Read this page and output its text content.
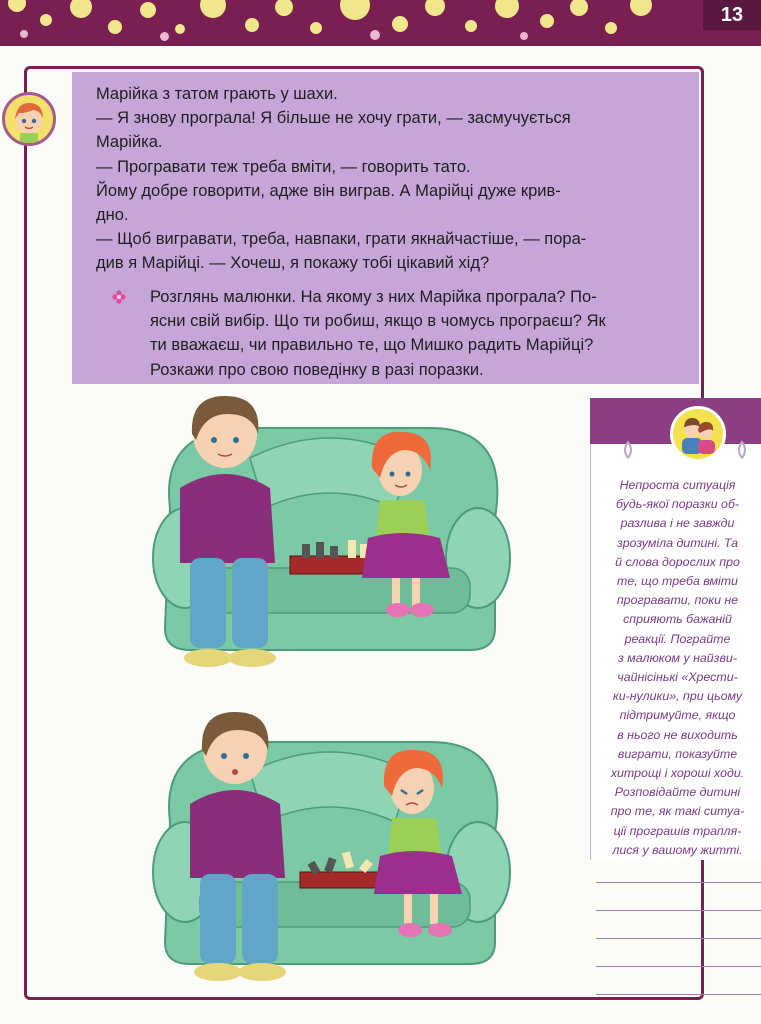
13

Марійка з татом грають у шахи.

— Я знову програла! Я більше не хочу грати, — засмучується

Марійка.

— Програвати теж треба вміти, — говорить тато.

Йому добре говорити, адже він виграв. А Марійці дуже крив-

дно.

— Щоб вигравати, треба, навпаки, грати якнайчастіше, — пора-

див я Марійці. — Хочеш, я покажу тобі цікавий хід?

Розглянь малюнки. На якому з них Марійка програла? По-
ясни свій вибір. Що ти робиш, якщо в чомусь програєш? Як
ти вважаєш, чи правильно те, що Мишко радить Марійці?
Розкажи про свою поведінку в разі поразки.
Непроста ситуація
будь-якої поразки об-
разлива і не завжди
зрозуміла дитині. Та
й слова дорослих про
те, що треба вміти
програвати, поки не
сприяють бажаній
реакції. Пограйте
з малюком у найзви-
чайнісінькі «Хрести-
ки-нулики», при цьому
підтримуйте, якщо
в нього не виходить
виграти, показуйте
хитрощі і хороші ходи.
Розповідайте дитині
про те, як такі ситуа-
ції програшів трапля-
лися у вашому житті.
